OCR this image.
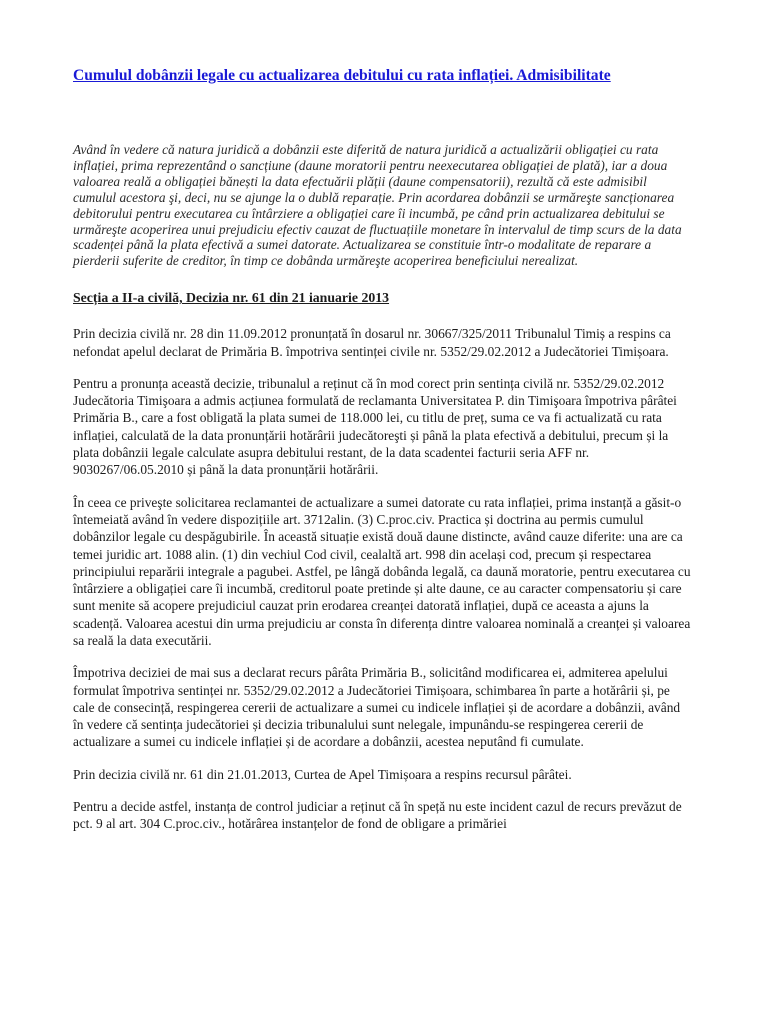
Cumulul dobânzii legale cu actualizarea debitului cu rata inflației. Admisibilitate

Având în vedere că natura juridică a dobânzii este diferită de natura juridică a actualizării obligației cu rata inflației, prima reprezentând o sancțiune (daune moratorii pentru neexecutarea obligației de plată), iar a doua valoarea reală a obligației bănești la data efectuării plății (daune compensatorii), rezultă că este admisibil cumulul acestora şi, deci, nu se ajunge la o dublă reparație. Prin acordarea dobânzii se urmăreşte sancționarea debitorului pentru executarea cu întârziere a obligației care îi incumbă, pe când prin actualizarea debitului se urmăreşte acoperirea unui prejudiciu efectiv cauzat de fluctuațiile monetare în intervalul de timp scurs de la data scadenței până la plata efectivă a sumei datorate. Actualizarea se constituie într-o modalitate de reparare a pierderii suferite de creditor, în timp ce dobânda urmăreşte acoperirea beneficiului nerealizat.

Secția a II-a civilă, Decizia nr. 61 din 21 ianuarie 2013

Prin decizia civilă nr. 28 din 11.09.2012 pronunțată în dosarul nr. 30667/325/2011 Tribunalul Timiș a respins ca nefondat apelul declarat de Primăria B. împotriva sentinței civile nr. 5352/29.02.2012 a Judecătoriei Timișoara.

Pentru a pronunța această decizie, tribunalul a reținut că în mod corect prin sentința civilă nr. 5352/29.02.2012 Judecătoria Timişoara a admis acțiunea formulată de reclamanta Universitatea P. din Timişoara împotriva pârâtei Primăria B., care a fost obligată la plata sumei de 118.000 lei, cu titlu de preț, suma ce va fi actualizată cu rata inflației, calculată de la data pronunțării hotărârii judecătoreşti și până la plata efectivă a debitului, precum și la plata dobânzii legale calculate asupra debitului restant, de la data scadentei facturii seria AFF nr. 9030267/06.05.2010 și până la data pronunțării hotărârii.

În ceea ce priveşte solicitarea reclamantei de actualizare a sumei datorate cu rata inflației, prima instanță a găsit-o întemeiată având în vedere dispozițiile art. 3712alin. (3) C.proc.civ. Practica și doctrina au permis cumulul dobânzilor legale cu despăgubirile. În această situație există două daune distincte, având cauze diferite: una are ca temei juridic art. 1088 alin. (1) din vechiul Cod civil, cealaltă art. 998 din același cod, precum și respectarea principiului reparării integrale a pagubei. Astfel, pe lângă dobânda legală, ca daună moratorie, pentru executarea cu întârziere a obligației care îi incumbă, creditorul poate pretinde și alte daune, ce au caracter compensatoriu și care sunt menite să acopere prejudiciul cauzat prin erodarea creanței datorată inflației, după ce aceasta a ajuns la scadență. Valoarea acestui din urma prejudiciu ar consta în diferența dintre valoarea nominală a creanței și valoarea sa reală la data executării.

Împotriva deciziei de mai sus a declarat recurs pârâta Primăria B., solicitând modificarea ei, admiterea apelului formulat împotriva sentinței nr. 5352/29.02.2012 a Judecătoriei Timișoara, schimbarea în parte a hotărârii și, pe cale de consecință, respingerea cererii de actualizare a sumei cu indicele inflației și de acordare a dobânzii, având în vedere că sentința judecătoriei și decizia tribunalului sunt nelegale, impunându-se respingerea cererii de actualizare a sumei cu indicele inflației și de acordare a dobânzii, acestea neputând fi cumulate.

Prin decizia civilă nr. 61 din 21.01.2013, Curtea de Apel Timișoara a respins recursul pârâtei.

Pentru a decide astfel, instanța de control judiciar a reținut că în speță nu este incident cazul de recurs prevăzut de pct. 9 al art. 304 C.proc.civ., hotărârea instanțelor de fond de obligare a primăriei
